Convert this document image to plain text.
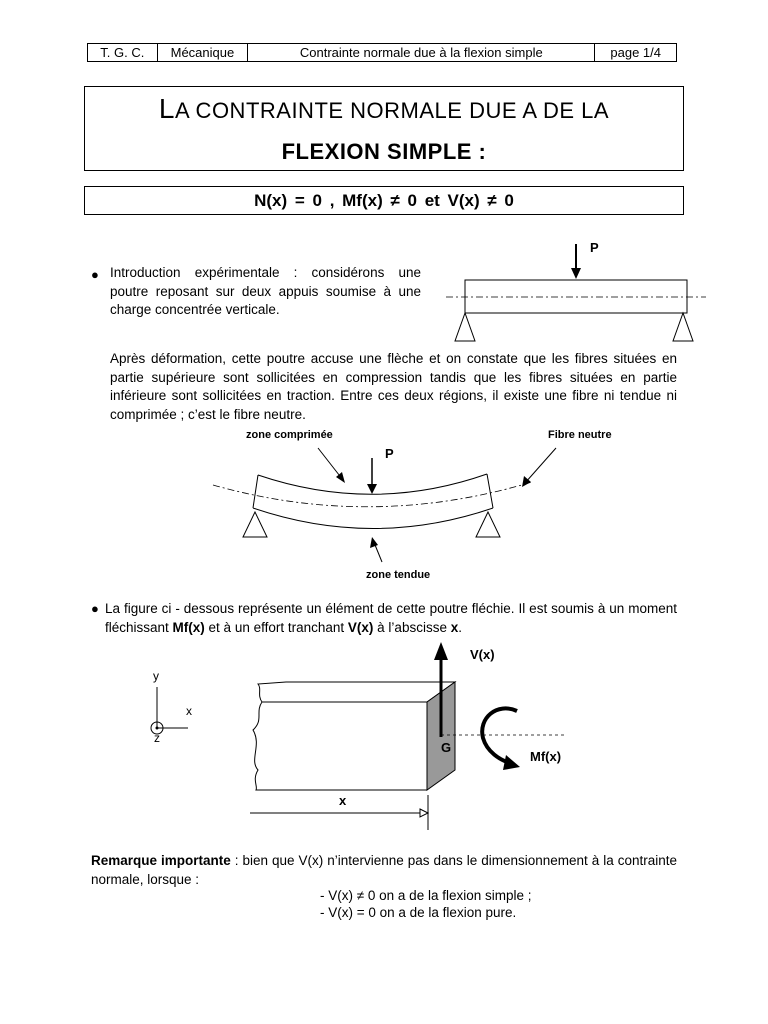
T. G. C.	Mécanique	Contrainte normale due à la flexion simple	page 1/4
LA CONTRAINTE NORMALE DUE A DE LA
FLEXION SIMPLE :
N(x) = 0 , Mf(x) ≠ 0 et V(x) ≠ 0
● Introduction expérimentale : considérons une poutre reposant sur deux appuis soumise à une charge concentrée verticale.
P
Après déformation, cette poutre accuse une flèche et on constate que les fibres situées en partie supérieure sont sollicitées en compression tandis que les fibres situées en partie inférieure sont sollicitées en traction. Entre ces deux régions, il existe une fibre ni tendue ni comprimée ; c’est le fibre neutre.
zone comprimée	Fibre neutre
P
zone tendue
● La figure ci - dessous représente un élément de cette poutre fléchie. Il est soumis à un moment fléchissant Mf(x) et à un effort tranchant V(x) à l’abscisse x.
y
x
z
V(x)
G
Mf(x)
x
Remarque importante : bien que V(x) n’intervienne pas dans le dimensionnement à la contrainte normale, lorsque :
- V(x) ≠ 0 on a de la flexion simple ;
- V(x) = 0 on a de la flexion pure.
